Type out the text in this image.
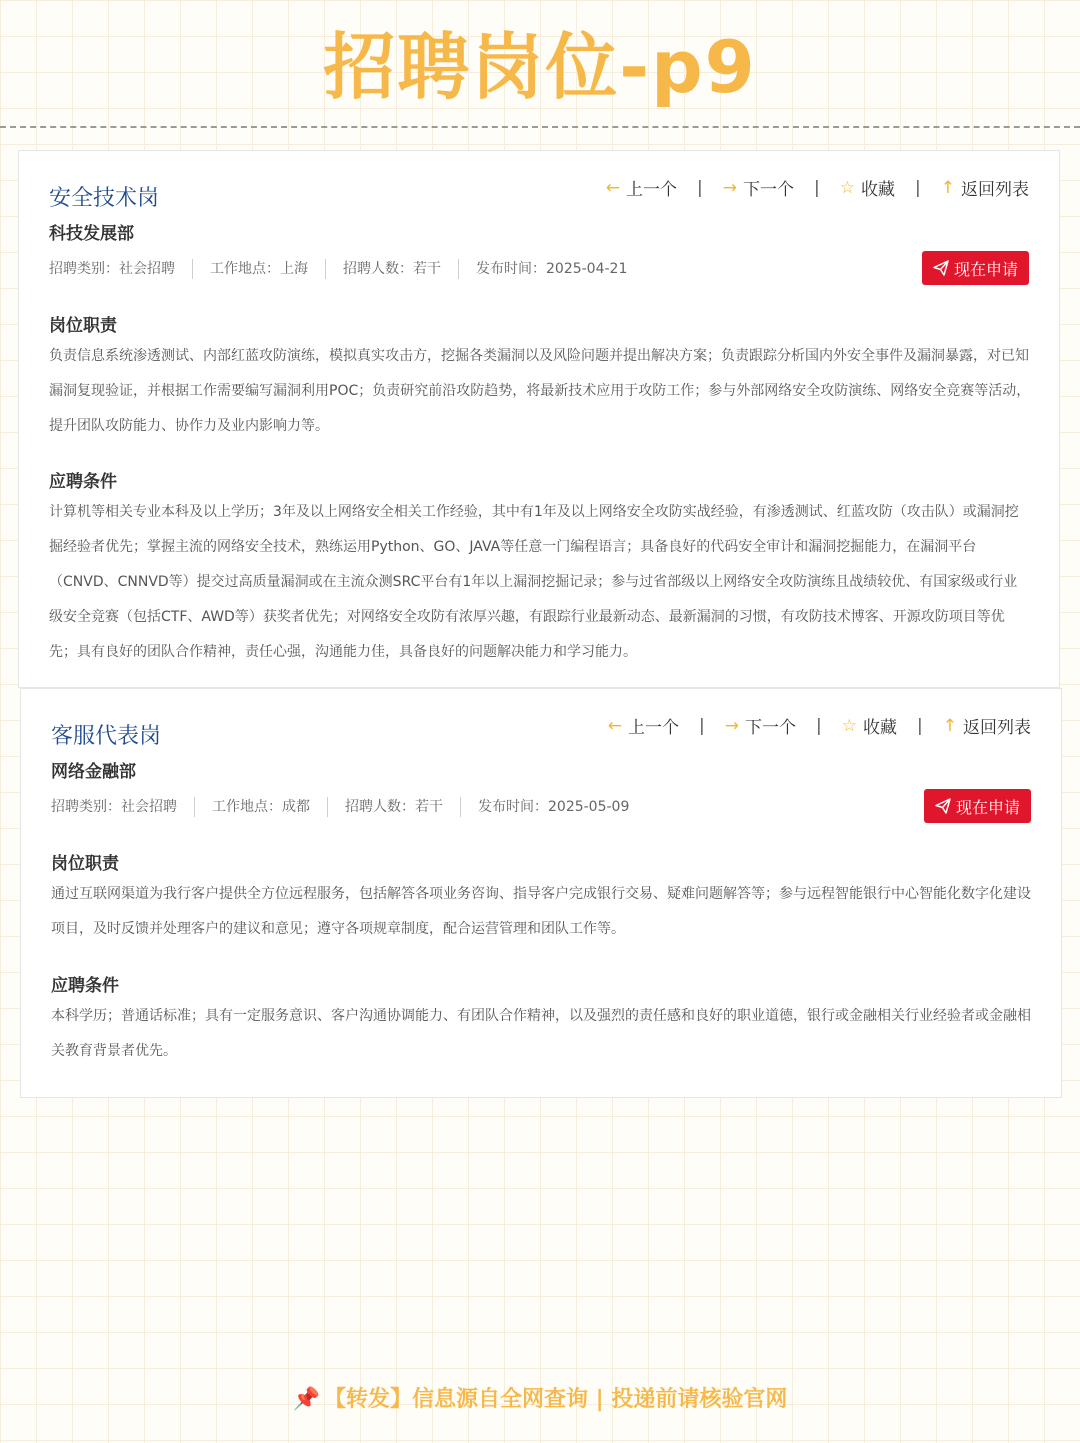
招聘岗位-p9
安全技术岗
科技发展部
招聘类别：社会招聘	工作地点：上海	招聘人数：若干	发布时间：2025-04-21
← 上一个 | → 下一个 | ☆ 收藏 | ↑ 返回列表
现在申请
岗位职责

负责信息系统渗透测试、内部红蓝攻防演练，模拟真实攻击方，挖掘各类漏洞以及风险问题并提出解决方案；负责跟踪分析国内外安全事件及漏洞暴露，对已知漏洞复现验证，并根据工作需要编写漏洞利用POC；负责研究前沿攻防趋势，将最新技术应用于攻防工作；参与外部网络安全攻防演练、网络安全竞赛等活动，提升团队攻防能力、协作力及业内影响力等。

应聘条件

计算机等相关专业本科及以上学历；3年及以上网络安全相关工作经验，其中有1年及以上网络安全攻防实战经验，有渗透测试、红蓝攻防（攻击队）或漏洞挖掘经验者优先；掌握主流的网络安全技术，熟练运用Python、GO、JAVA等任意一门编程语言；具备良好的代码安全审计和漏洞挖掘能力，在漏洞平台（CNVD、CNNVD等）提交过高质量漏洞或在主流众测SRC平台有1年以上漏洞挖掘记录；参与过省部级以上网络安全攻防演练且战绩较优、有国家级或行业级安全竞赛（包括CTF、AWD等）获奖者优先；对网络安全攻防有浓厚兴趣，有跟踪行业最新动态、最新漏洞的习惯，有攻防技术博客、开源攻防项目等优先；具有良好的团队合作精神，责任心强，沟通能力佳，具备良好的问题解决能力和学习能力。

客服代表岗
网络金融部
招聘类别：社会招聘	工作地点：成都	招聘人数：若干	发布时间：2025-05-09
← 上一个 | → 下一个 | ☆ 收藏 | ↑ 返回列表
现在申请
岗位职责

通过互联网渠道为我行客户提供全方位远程服务，包括解答各项业务咨询、指导客户完成银行交易、疑难问题解答等；参与远程智能银行中心智能化数字化建设项目，及时反馈并处理客户的建议和意见；遵守各项规章制度，配合运营管理和团队工作等。

应聘条件

本科学历；普通话标准；具有一定服务意识、客户沟通协调能力、有团队合作精神，以及强烈的责任感和良好的职业道德，银行或金融相关行业经验者或金融相关教育背景者优先。

📌 【转发】信息源自全网查询 | 投递前请核验官网
